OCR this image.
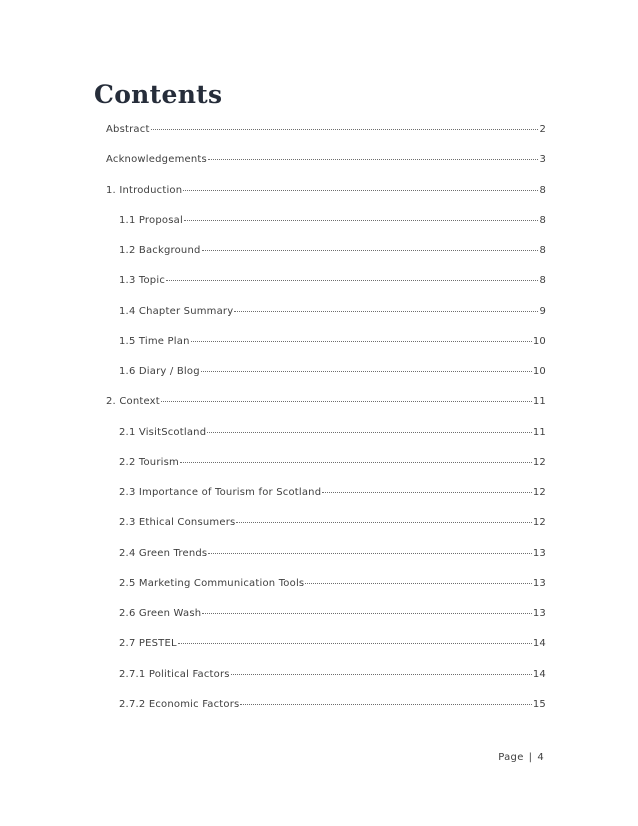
Contents
Abstract	2
Acknowledgements	3
1. Introduction	8
1.1 Proposal	8
1.2 Background	8
1.3 Topic	8
1.4 Chapter Summary	9
1.5 Time Plan	10
1.6 Diary / Blog	10
2. Context	11
2.1 VisitScotland	11
2.2 Tourism	12
2.3 Importance of Tourism for Scotland	12
2.3 Ethical Consumers	12
2.4 Green Trends	13
2.5 Marketing Communication Tools	13
2.6 Green Wash	13
2.7 PESTEL	14
2.7.1 Political Factors	14
2.7.2 Economic Factors	15
Page | 4
